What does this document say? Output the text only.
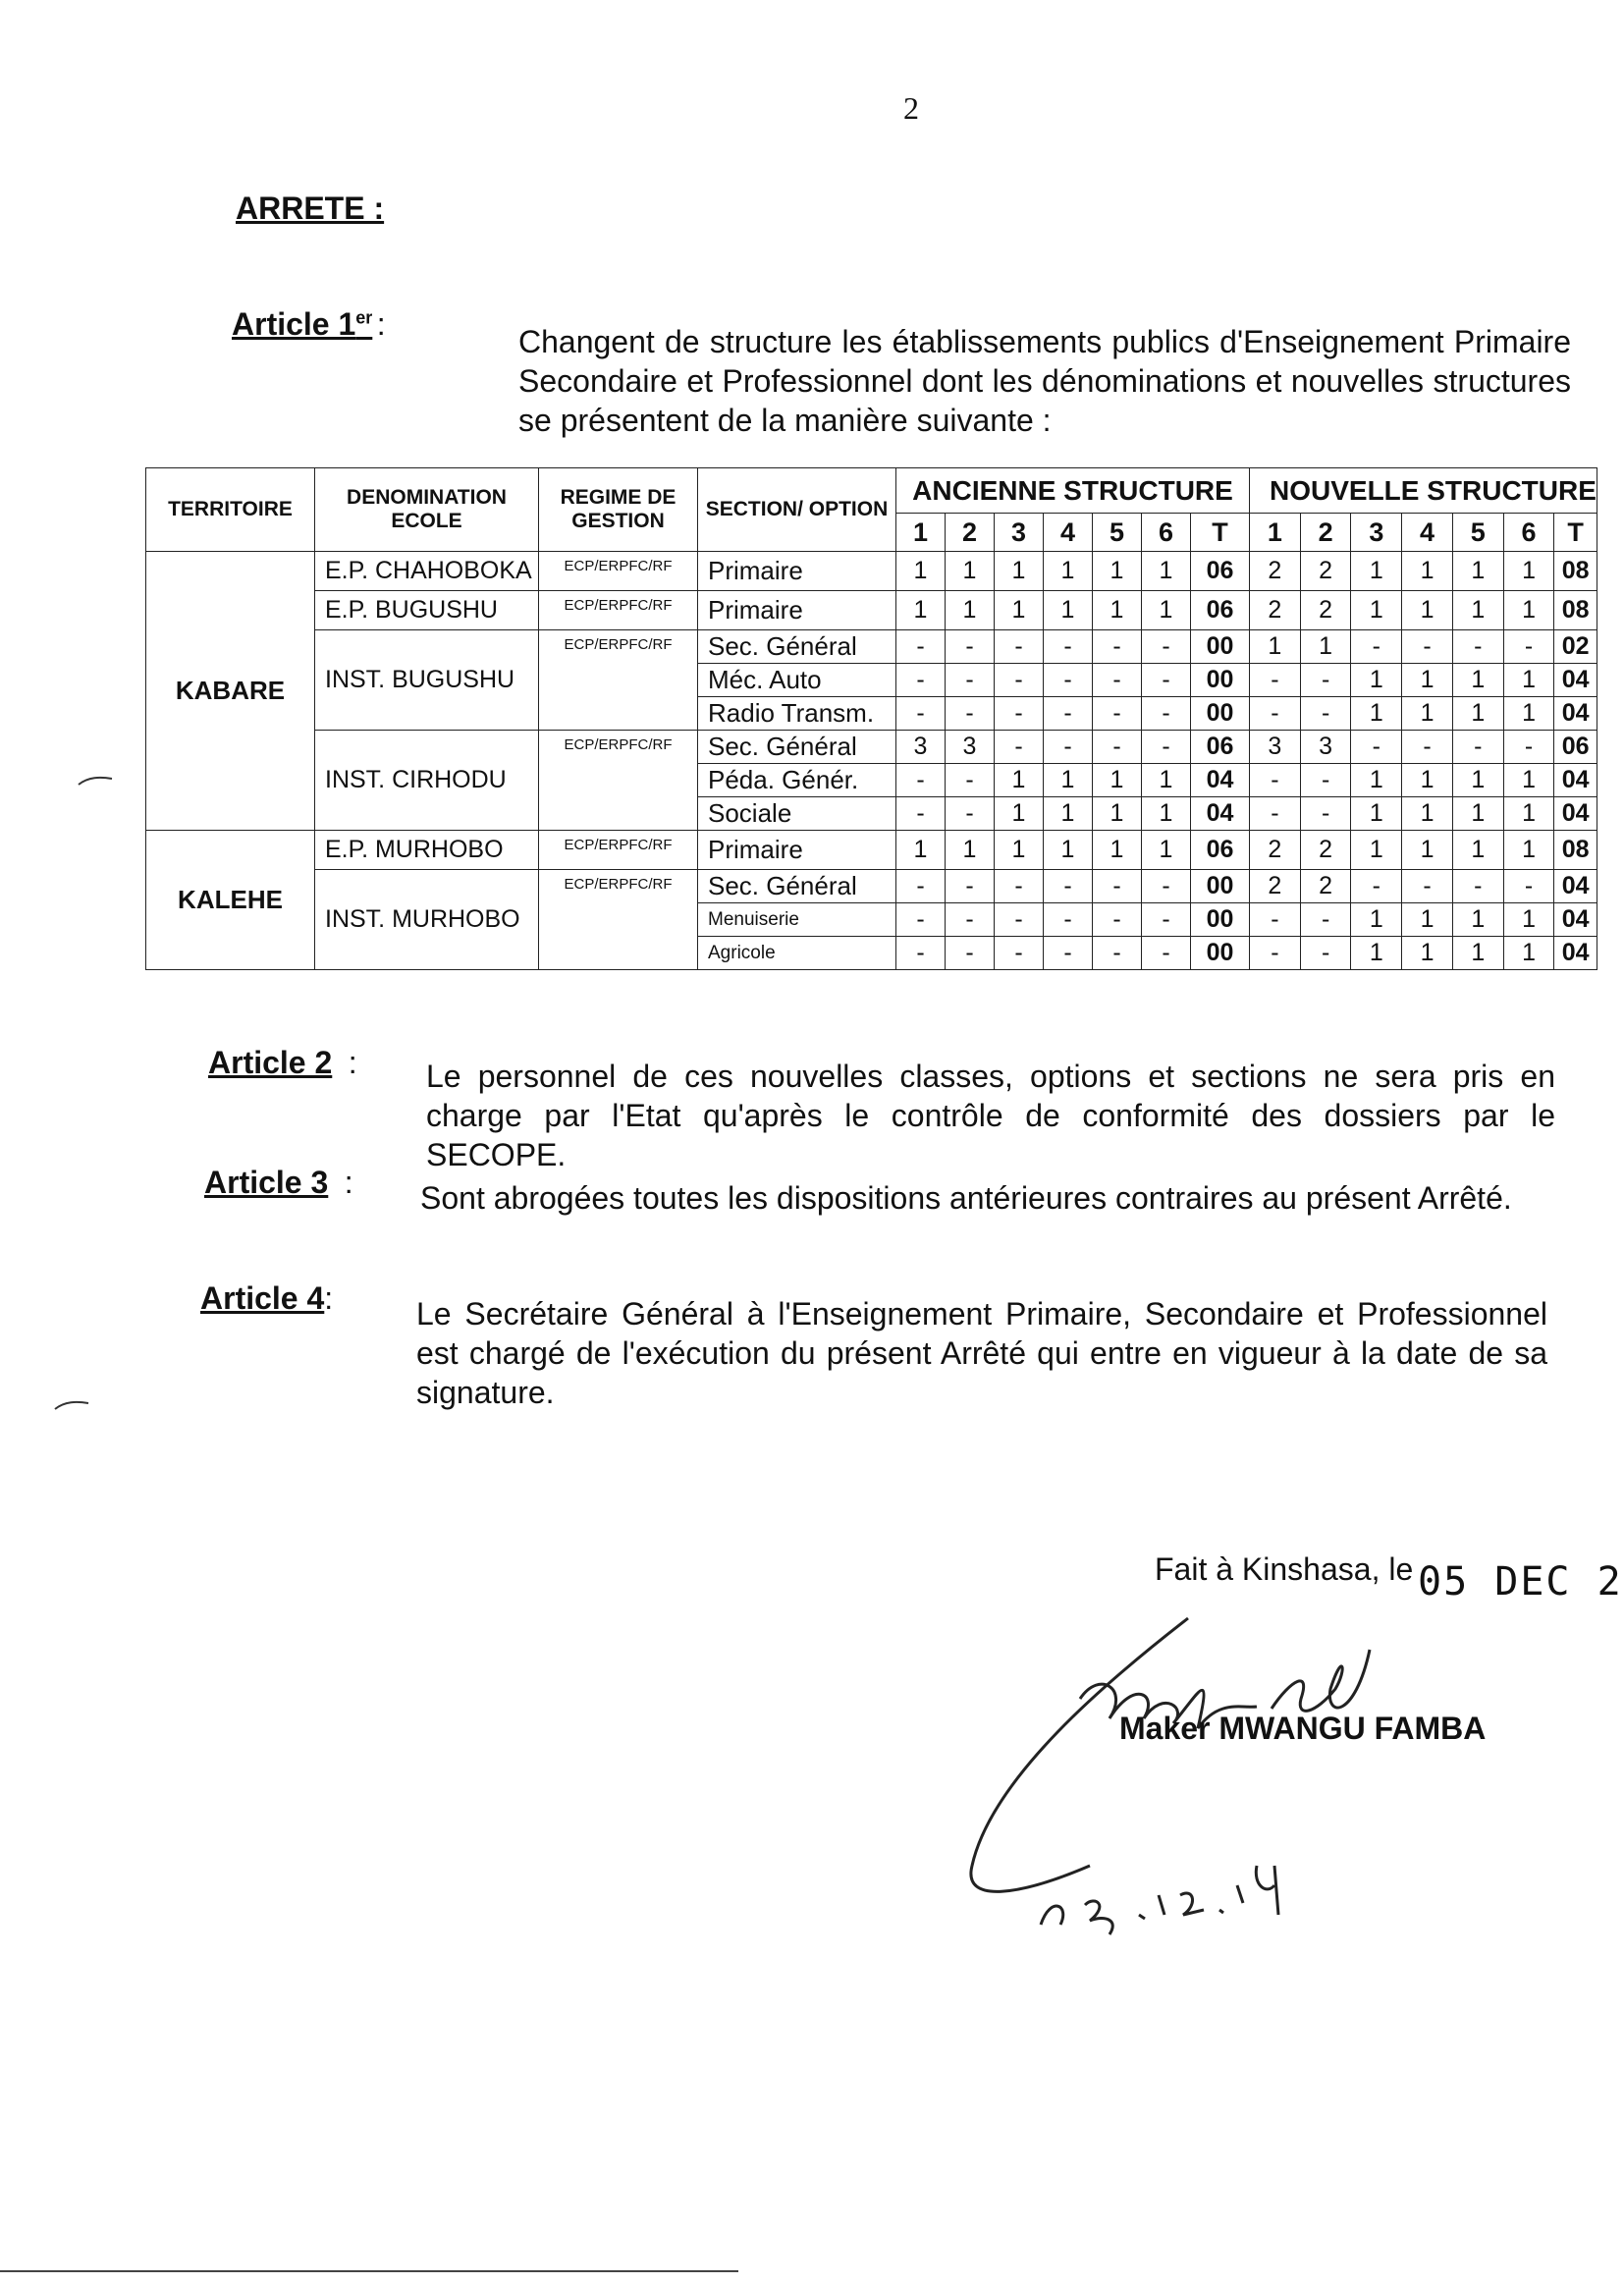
2
ARRETE :
Article 1er :	Changent de structure les établissements publics d'Enseignement Primaire Secondaire et Professionnel dont les dénominations et nouvelles structures se présentent de la manière suivante :
TERRITOIRE	DENOMINATION ECOLE	REGIME DE GESTION	SECTION/ OPTION	ANCIENNE STRUCTURE							NOUVELLE STRUCTURE						
				1	2	3	4	5	6	T	1	2	3	4	5	6	T
KABARE	E.P. CHAHOBOKA	ECP/ERPFC/RF	Primaire	1	1	1	1	1	1	06	2	2	1	1	1	1	08
	E.P. BUGUSHU	ECP/ERPFC/RF	Primaire	1	1	1	1	1	1	06	2	2	1	1	1	1	08
	INST. BUGUSHU	ECP/ERPFC/RF	Sec. Général	-	-	-	-	-	-	00	1	1	-	-	-	-	02
			Méc. Auto	-	-	-	-	-	-	00	-	-	1	1	1	1	04
			Radio Transm.	-	-	-	-	-	-	00	-	-	1	1	1	1	04
	INST. CIRHODU	ECP/ERPFC/RF	Sec. Général	3	3	-	-	-	-	06	3	3	-	-	-	-	06
			Péda. Génér.	-	-	1	1	1	1	04	-	-	1	1	1	1	04
			Sociale	-	-	1	1	1	1	04	-	-	1	1	1	1	04
KALEHE	E.P. MURHOBO	ECP/ERPFC/RF	Primaire	1	1	1	1	1	1	06	2	2	1	1	1	1	08
	INST. MURHOBO	ECP/ERPFC/RF	Sec. Général	-	-	-	-	-	-	00	2	2	-	-	-	-	04
			Menuiserie	-	-	-	-	-	-	00	-	-	1	1	1	1	04
			Agricole	-	-	-	-	-	-	00	-	-	1	1	1	1	04
Article 2 : Le personnel de ces nouvelles classes, options et sections ne sera pris en charge par l'Etat qu'après le contrôle de conformité des dossiers par le SECOPE.
Article 3 : Sont abrogées toutes les dispositions antérieures contraires au présent Arrêté.
Article 4:	Le Secrétaire Général à l'Enseignement Primaire, Secondaire et Professionnel est chargé de l'exécution du présent Arrêté qui entre en vigueur à la date de sa signature.
Fait à Kinshasa, le 05 DEC 2
Maker MWANGU FAMBA
